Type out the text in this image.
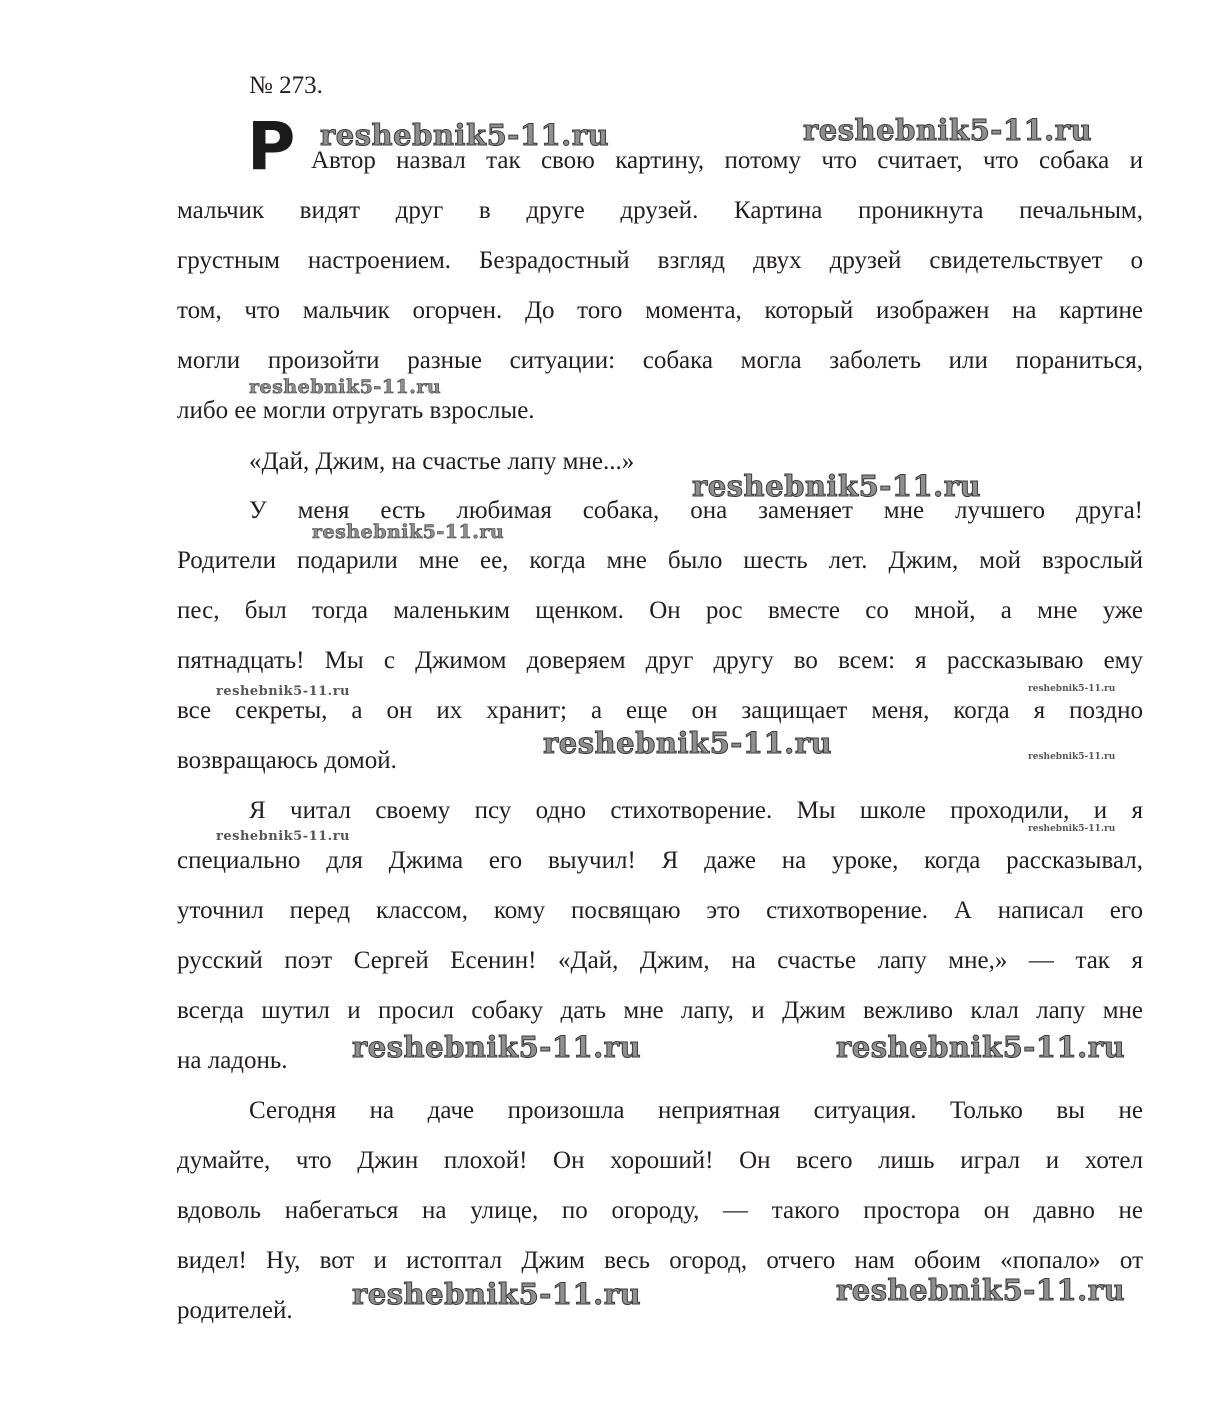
№ 273.
P Автор назвал так свою картину, потому что считает, что собака и
мальчик видят друг в друге друзей. Картина проникнута печальным,
грустным настроением. Безрадостный взгляд двух друзей свидетельствует о
том, что мальчик огорчен. До того момента, который изображен на картине
могли произойти разные ситуации: собака могла заболеть или пораниться,
либо ее могли отругать взрослые.
«Дай, Джим, на счастье лапу мне...»
У меня есть любимая собака, она заменяет мне лучшего друга!
Родители подарили мне ее, когда мне было шесть лет. Джим, мой взрослый
пес, был тогда маленьким щенком. Он рос вместе со мной, а мне уже
пятнадцать! Мы с Джимом доверяем друг другу во всем: я рассказываю ему
все секреты, а он их хранит; а еще он защищает меня, когда я поздно
возвращаюсь домой.
Я читал своему псу одно стихотворение. Мы школе проходили, и я
специально для Джима его выучил! Я даже на уроке, когда рассказывал,
уточнил перед классом, кому посвящаю это стихотворение. А написал его
русский поэт Сергей Есенин! «Дай, Джим, на счастье лапу мне,» — так я
всегда шутил и просил собаку дать мне лапу, и Джим вежливо клал лапу мне
на ладонь.
Сегодня на даче произошла неприятная ситуация. Только вы не
думайте, что Джин плохой! Он хороший! Он всего лишь играл и хотел
вдоволь набегаться на улице, по огороду, — такого простора он давно не
видел! Ну, вот и истоптал Джим весь огород, отчего нам обоим «попало» от
родителей.
reshebnik5-11.ru	reshebnik5-11.ru
reshebnik5-11.ru
reshebnik5-11.ru
reshebnik5-11.ru
reshebnik5-11.ru	reshebnik5-11.ru
reshebnik5-11.ru	reshebnik5-11.ru
reshebnik5-11.ru	reshebnik5-11.ru
reshebnik5-11.ru	reshebnik5-11.ru
reshebnik5-11.ru	reshebnik5-11.ru
